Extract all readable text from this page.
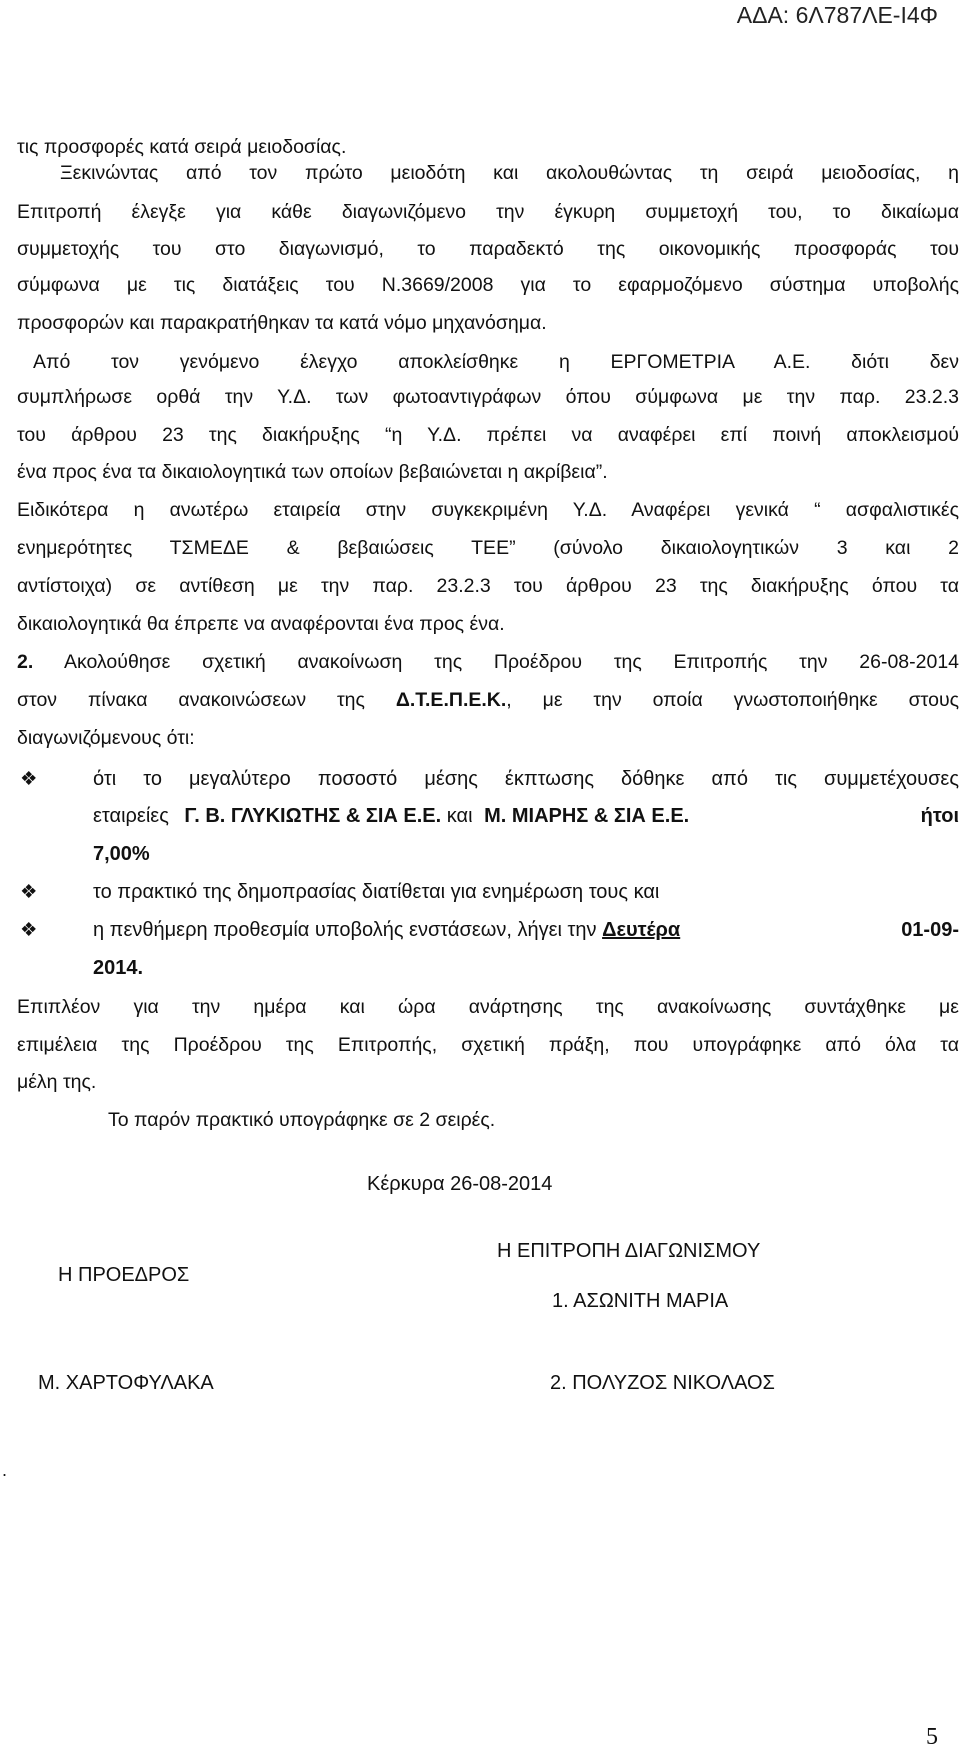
ΑΔΑ: 6Λ787ΛΕ-Ι4Φ
τις προσφορές κατά σειρά μειοδοσίας.
Ξεκινώντας από τον πρώτο μειοδότη και ακολουθώντας τη σειρά μειοδοσίας, η
Επιτροπή έλεγξε για κάθε διαγωνιζόμενο την έγκυρη συμμετοχή του, το δικαίωμα
συμμετοχής του στο διαγωνισμό, το παραδεκτό της οικονομικής προσφοράς του
σύμφωνα με τις διατάξεις του Ν.3669/2008 για το εφαρμοζόμενο σύστημα υποβολής
προσφορών και παρακρατήθηκαν τα κατά νόμο μηχανόσημα.
Από τον γενόμενο έλεγχο αποκλείσθηκε η ΕΡΓΟΜΕΤΡΙΑ Α.Ε. διότι δεν
συμπλήρωσε ορθά την Υ.Δ. των φωτοαντιγράφων όπου σύμφωνα με την παρ. 23.2.3
του άρθρου 23 της διακήρυξης “η Υ.Δ. πρέπει να αναφέρει επί ποινή αποκλεισμού
ένα προς ένα τα δικαιολογητικά των οποίων βεβαιώνεται η ακρίβεια”.
Ειδικότερα η ανωτέρω εταιρεία στην συγκεκριμένη Υ.Δ. Αναφέρει γενικά “ ασφαλιστικές
ενημερότητες ΤΣΜΕΔΕ & βεβαιώσεις ΤΕΕ” (σύνολο δικαιολογητικών 3 και 2
αντίστοιχα) σε αντίθεση με την παρ. 23.2.3 του άρθρου 23 της διακήρυξης όπου τα
δικαιολογητικά θα έπρεπε να αναφέρονται ένα προς ένα.
2. Ακολούθησε σχετική ανακοίνωση της Προέδρου της Επιτροπής την 26-08-2014
στον πίνακα ανακοινώσεων της Δ.Τ.Ε.Π.Ε.Κ., με την οποία γνωστοποιήθηκε στους
διαγωνιζόμενους ότι:
❖	ότι το μεγαλύτερο ποσοστό μέσης έκπτωσης δόθηκε από τις συμμετέχουσες
εταιρείες Γ. Β. ΓΛΥΚΙΩΤΗΣ & ΣΙΑ Ε.Ε. και Μ. ΜΙΑΡΗΣ & ΣΙΑ Ε.Ε.	ήτοι
7,00%
❖	το πρακτικό της δημοπρασίας διατίθεται για ενημέρωση τους και
❖	η πενθήμερη προθεσμία υποβολής ενστάσεων, λήγει την Δευτέρα	01-09-
2014.
Επιπλέον για την ημέρα και ώρα ανάρτησης της ανακοίνωσης συντάχθηκε με
επιμέλεια της Προέδρου της Επιτροπής, σχετική πράξη, που υπογράφηκε από όλα τα
μέλη της.
Το παρόν πρακτικό υπογράφηκε σε 2 σειρές.
Κέρκυρα 26-08-2014
Η ΕΠΙΤΡΟΠΗ ΔΙΑΓΩΝΙΣΜΟΥ
Η ΠΡΟΕΔΡΟΣ
1. ΑΣΩΝΙΤΗ ΜΑΡΙΑ
Μ. ΧΑΡΤΟΦΥΛΑΚΑ	2. ΠΟΛΥΖΟΣ ΝΙΚΟΛΑΟΣ
.
5
